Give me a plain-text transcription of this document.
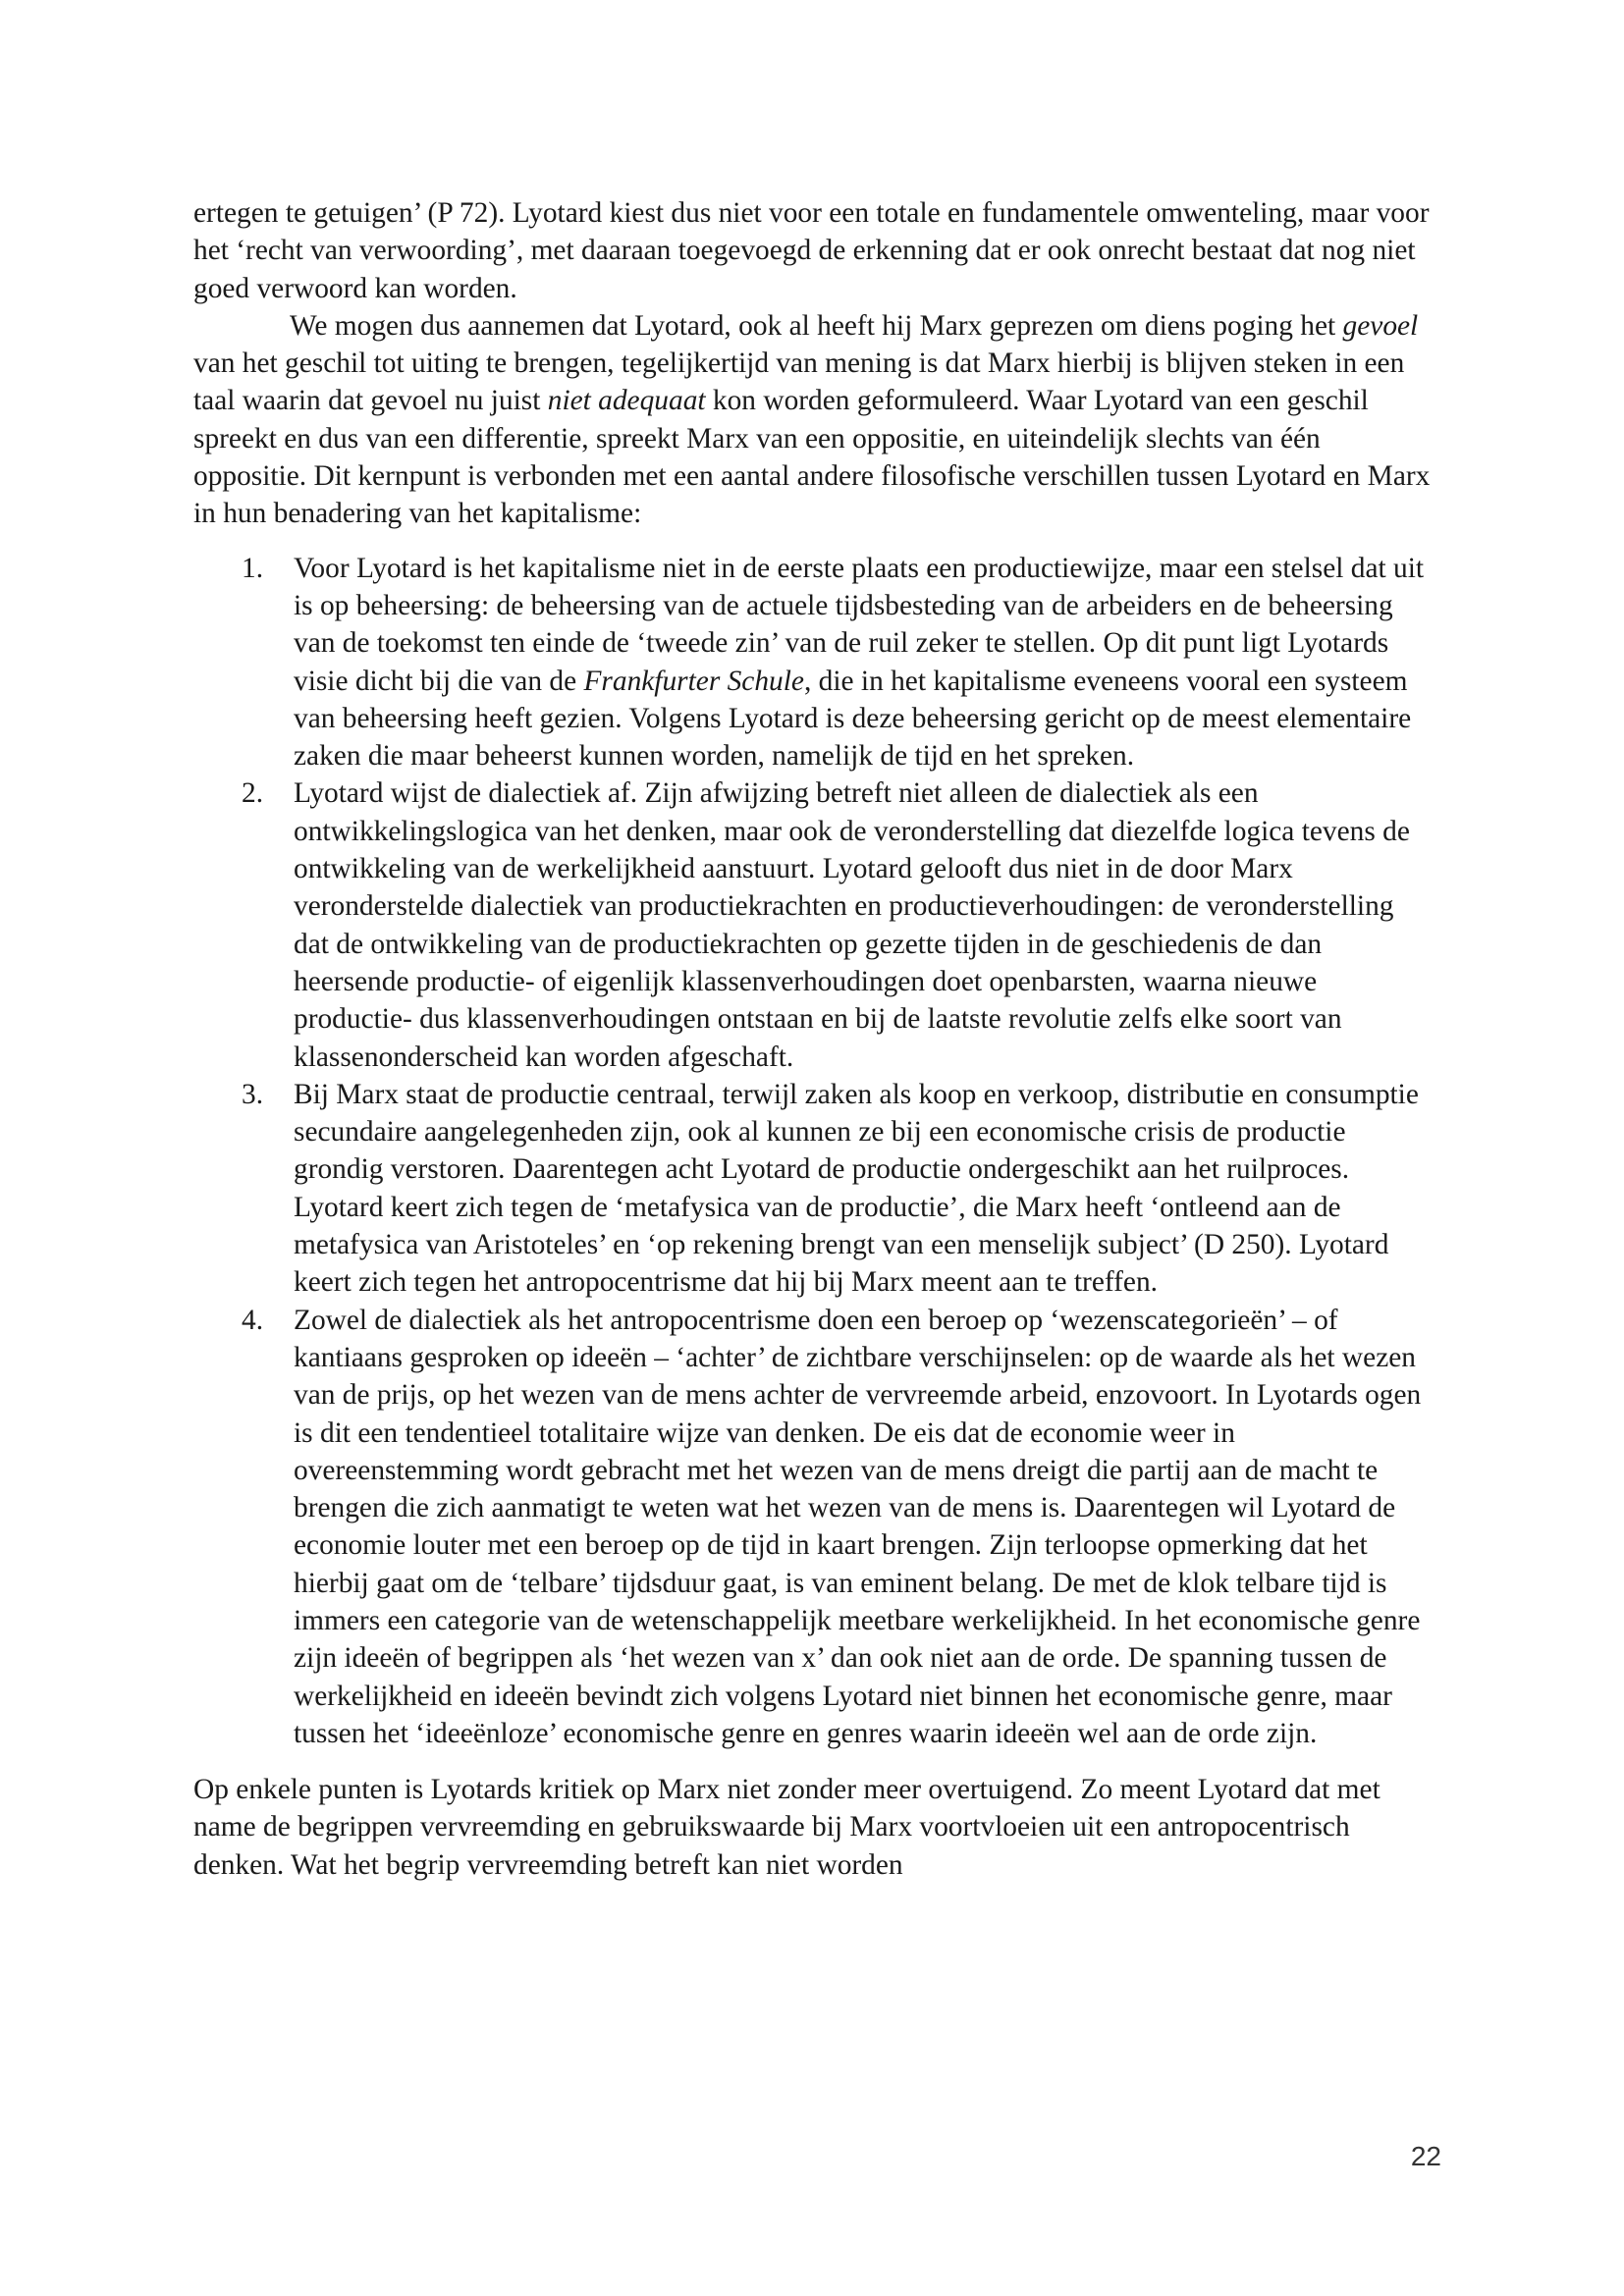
ertegen te getuigen’ (P 72). Lyotard kiest dus niet voor een totale en fundamentele omwenteling, maar voor het ‘recht van verwoording’, met daaraan toegevoegd de erkenning dat er ook onrecht bestaat dat nog niet goed verwoord kan worden.

We mogen dus aannemen dat Lyotard, ook al heeft hij Marx geprezen om diens poging het gevoel van het geschil tot uiting te brengen, tegelijkertijd van mening is dat Marx hierbij is blijven steken in een taal waarin dat gevoel nu juist niet adequaat kon worden geformuleerd. Waar Lyotard van een geschil spreekt en dus van een differentie, spreekt Marx van een oppositie, en uiteindelijk slechts van één oppositie. Dit kernpunt is verbonden met een aantal andere filosofische verschillen tussen Lyotard en Marx in hun benadering van het kapitalisme:

1. Voor Lyotard is het kapitalisme niet in de eerste plaats een productiewijze, maar een stelsel dat uit is op beheersing: de beheersing van de actuele tijdsbesteding van de arbeiders en de beheersing van de toekomst ten einde de ‘tweede zin’ van de ruil zeker te stellen. Op dit punt ligt Lyotards visie dicht bij die van de Frankfurter Schule, die in het kapitalisme eveneens vooral een systeem van beheersing heeft gezien. Volgens Lyotard is deze beheersing gericht op de meest elementaire zaken die maar beheerst kunnen worden, namelijk de tijd en het spreken.
2. Lyotard wijst de dialectiek af. Zijn afwijzing betreft niet alleen de dialectiek als een ontwikkelingslogica van het denken, maar ook de veronderstelling dat diezelfde logica tevens de ontwikkeling van de werkelijkheid aanstuurt. Lyotard gelooft dus niet in de door Marx veronderstelde dialectiek van productiekrachten en productieverhoudingen: de veronderstelling dat de ontwikkeling van de productiekrachten op gezette tijden in de geschiedenis de dan heersende productie- of eigenlijk klassenverhoudingen doet openbarsten, waarna nieuwe productie- dus klassenverhoudingen ontstaan en bij de laatste revolutie zelfs elke soort van klassenonderscheid kan worden afgeschaft.
3. Bij Marx staat de productie centraal, terwijl zaken als koop en verkoop, distributie en consumptie secundaire aangelegenheden zijn, ook al kunnen ze bij een economische crisis de productie grondig verstoren. Daarentegen acht Lyotard de productie ondergeschikt aan het ruilproces. Lyotard keert zich tegen de ‘metafysica van de productie’, die Marx heeft ‘ontleend aan de metafysica van Aristoteles’ en ‘op rekening brengt van een menselijk subject’ (D 250). Lyotard keert zich tegen het antropocentrisme dat hij bij Marx meent aan te treffen.
4. Zowel de dialectiek als het antropocentrisme doen een beroep op ‘wezenscategorieën’ – of kantiaans gesproken op ideeën – ‘achter’ de zichtbare verschijnselen: op de waarde als het wezen van de prijs, op het wezen van de mens achter de vervreemde arbeid, enzovoort. In Lyotards ogen is dit een tendentieel totalitaire wijze van denken. De eis dat de economie weer in overeenstemming wordt gebracht met het wezen van de mens dreigt die partij aan de macht te brengen die zich aanmatigt te weten wat het wezen van de mens is. Daarentegen wil Lyotard de economie louter met een beroep op de tijd in kaart brengen. Zijn terloopse opmerking dat het hierbij gaat om de ‘telbare’ tijdsduur gaat, is van eminent belang. De met de klok telbare tijd is immers een categorie van de wetenschappelijk meetbare werkelijkheid. In het economische genre zijn ideeën of begrippen als ‘het wezen van x’ dan ook niet aan de orde. De spanning tussen de werkelijkheid en ideeën bevindt zich volgens Lyotard niet binnen het economische genre, maar tussen het ‘ideeënloze’ economische genre en genres waarin ideeën wel aan de orde zijn.

Op enkele punten is Lyotards kritiek op Marx niet zonder meer overtuigend. Zo meent Lyotard dat met name de begrippen vervreemding en gebruikswaarde bij Marx voortvloeien uit een antropocentrisch denken. Wat het begrip vervreemding betreft kan niet worden

22
